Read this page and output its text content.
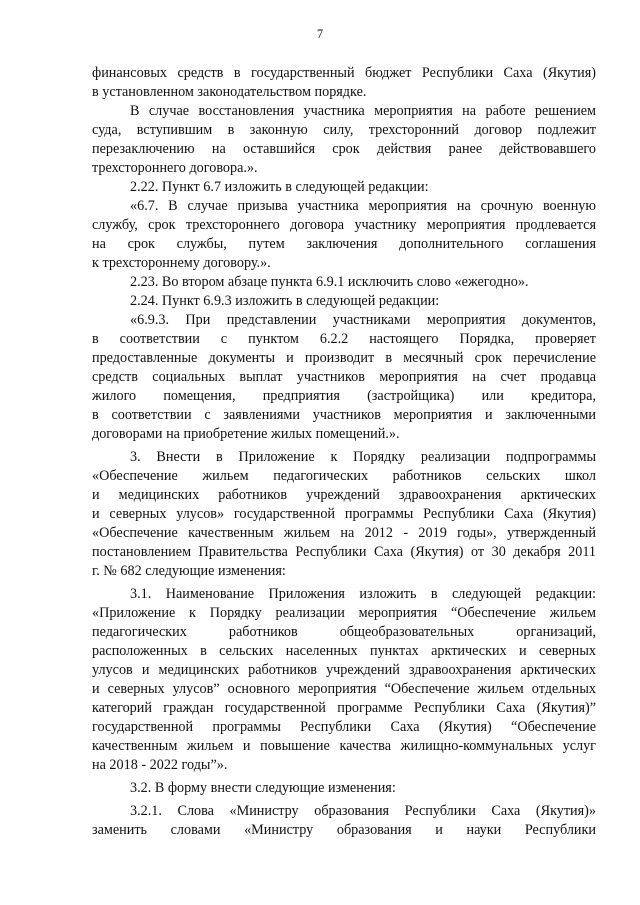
7
финансовых средств в государственный бюджет Республики Саха (Якутия)
в установленном законодательством порядке.
В случае восстановления участника мероприятия на работе решением
суда, вступившим в законную силу, трехсторонний договор подлежит
перезаключению на оставшийся срок действия ранее действовавшего
трехстороннего договора.».
2.22. Пункт 6.7 изложить в следующей редакции:
«6.7. В случае призыва участника мероприятия на срочную военную
службу, срок трехстороннего договора участнику мероприятия продлевается
на срок службы, путем заключения дополнительного соглашения
к трехстороннему договору.».
2.23. Во втором абзаце пункта 6.9.1 исключить слово «ежегодно».
2.24. Пункт 6.9.3 изложить в следующей редакции:
«6.9.3. При представлении участниками мероприятия документов,
в соответствии с пунктом 6.2.2 настоящего Порядка, проверяет
предоставленные документы и производит в месячный срок перечисление
средств социальных выплат участников мероприятия на счет продавца
жилого помещения, предприятия (застройщика) или кредитора,
в соответствии с заявлениями участников мероприятия и заключенными
договорами на приобретение жилых помещений.».
3. Внести в Приложение к Порядку реализации подпрограммы
«Обеспечение жильем педагогических работников сельских школ
и медицинских работников учреждений здравоохранения арктических
и северных улусов» государственной программы Республики Саха (Якутия)
«Обеспечение качественным жильем на 2012 - 2019 годы», утвержденный
постановлением Правительства Республики Саха (Якутия) от 30 декабря 2011
г. № 682 следующие изменения:
3.1. Наименование Приложения изложить в следующей редакции:
«Приложение к Порядку реализации мероприятия “Обеспечение жильем
педагогических работников общеобразовательных организаций,
расположенных в сельских населенных пунктах арктических и северных
улусов и медицинских работников учреждений здравоохранения арктических
и северных улусов” основного мероприятия “Обеспечение жильем отдельных
категорий граждан государственной программе Республики Саха (Якутия)”
государственной программы Республики Саха (Якутия) “Обеспечение
качественным жильем и повышение качества жилищно-коммунальных услуг
на 2018 - 2022 годы”».
3.2. В форму внести следующие изменения:
3.2.1. Слова «Министру образования Республики Саха (Якутия)»
заменить словами «Министру образования и науки Республики
